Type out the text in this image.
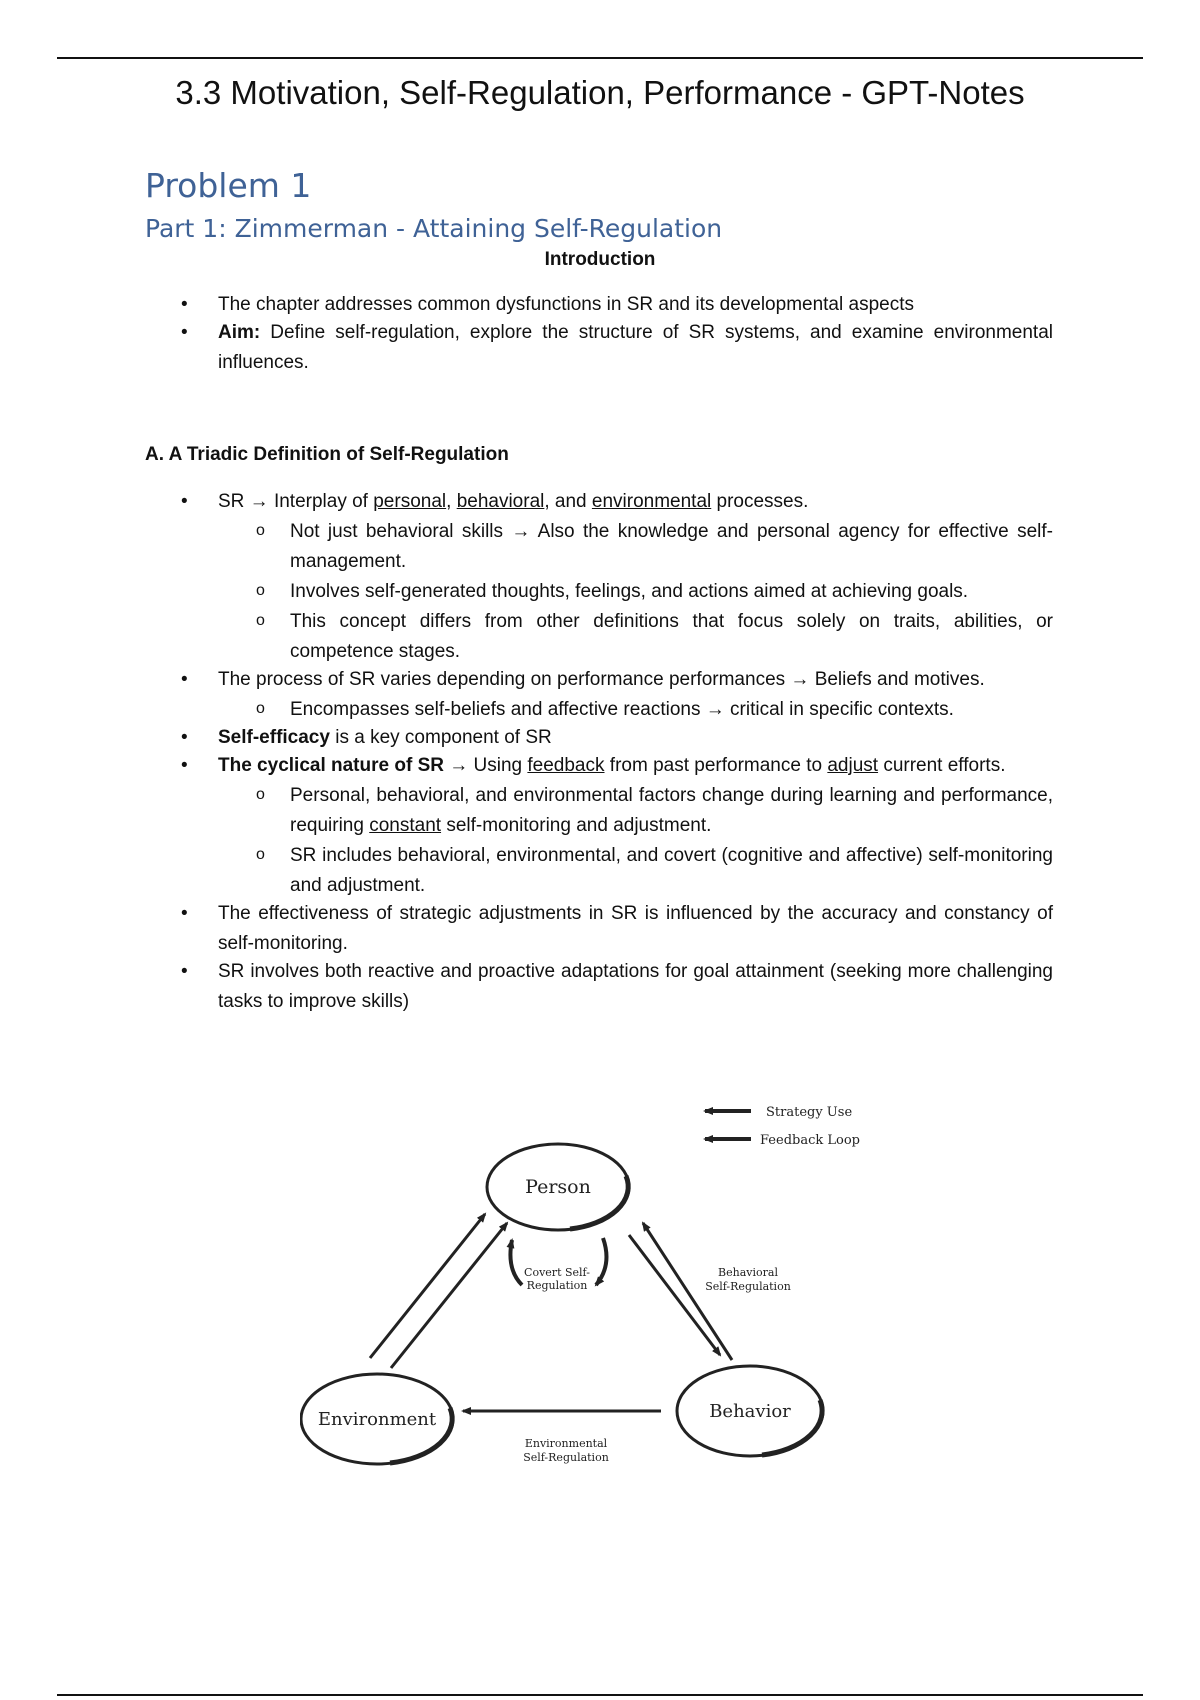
3.3 Motivation, Self-Regulation, Performance - GPT-Notes
Problem 1
Part 1: Zimmerman - Attaining Self-Regulation
Introduction
• The chapter addresses common dysfunctions in SR and its developmental aspects
• Aim: Define self-regulation, explore the structure of SR systems, and examine environmental influences.
A. A Triadic Definition of Self-Regulation
• SR → Interplay of personal, behavioral, and environmental processes.
o Not just behavioral skills → Also the knowledge and personal agency for effective self-management.
o Involves self-generated thoughts, feelings, and actions aimed at achieving goals.
o This concept differs from other definitions that focus solely on traits, abilities, or competence stages.
• The process of SR varies depending on performance performances → Beliefs and motives.
o Encompasses self-beliefs and affective reactions → critical in specific contexts.
• Self-efficacy is a key component of SR
• The cyclical nature of SR → Using feedback from past performance to adjust current efforts.
o Personal, behavioral, and environmental factors change during learning and performance, requiring constant self-monitoring and adjustment.
o SR includes behavioral, environmental, and covert (cognitive and affective) self-monitoring and adjustment.
• The effectiveness of strategic adjustments in SR is influenced by the accuracy and constancy of self-monitoring.
• SR involves both reactive and proactive adaptations for goal attainment (seeking more challenging tasks to improve skills)
Strategy Use
Feedback Loop
Person
Environment	Behavior
Covert Self-
Regulation
Behavioral
Self-Regulation
Environmental
Self-Regulation
